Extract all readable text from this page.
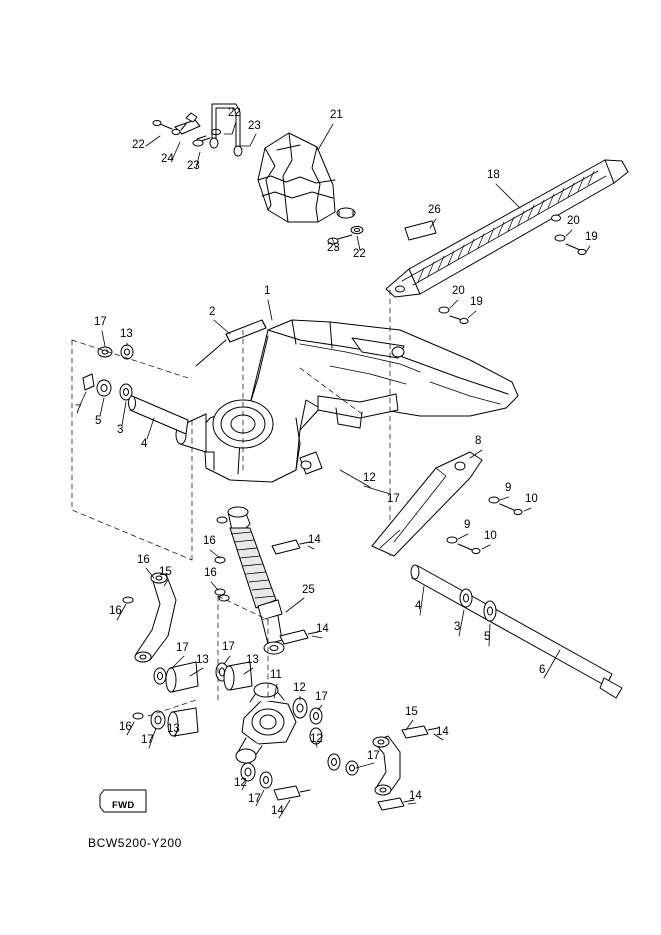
22
23
21
22
24
23
18
26
20
19
23 22
20
19
1
2
17
13
7
5
3
4	8
12
17
9
10
9
10
16	14
16
15	16
25
4
3
5
6
16
14
17
13
17
13
11
12
17
16
17
13
12
15
14
17
12
17
14
14
FWD
BCW5200-Y200
